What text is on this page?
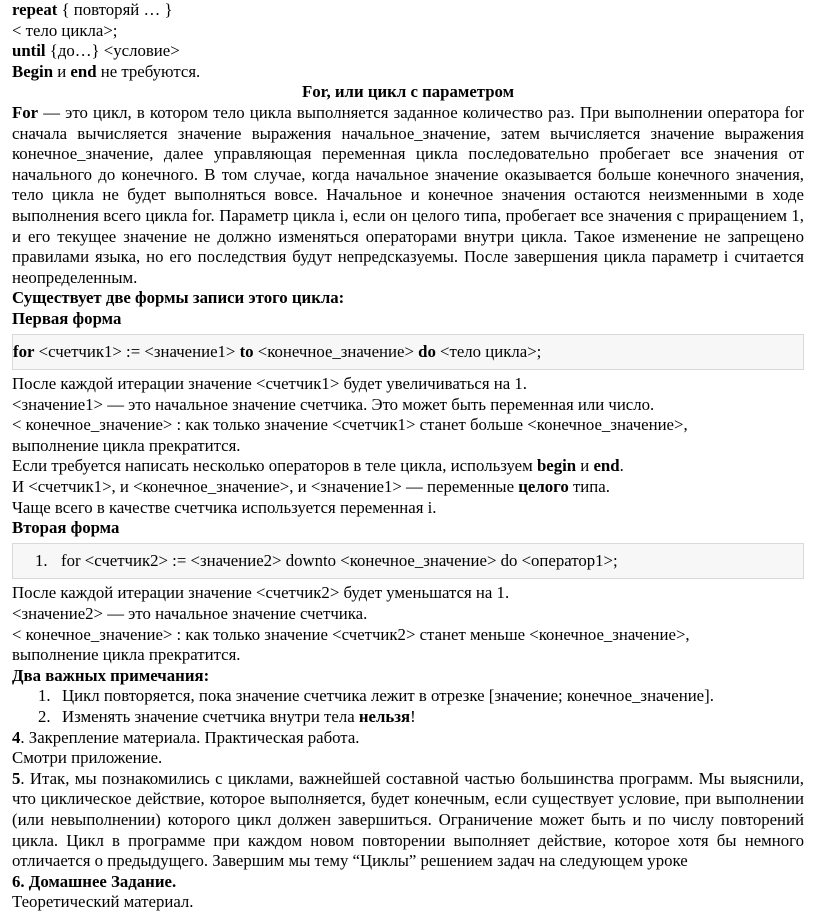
repeat { повторяй … }
< тело цикла>;
until {до…} <условие>
Begin и end не требуются.
For, или цикл с параметром
For — это цикл, в котором тело цикла выполняется заданное количество раз. При выполнении оператора for сначала вычисляется значение выражения начальное_значение, затем вычисляется значение выражения конечное_значение, далее управляющая переменная цикла последовательно пробегает все значения от начального до конечного. В том случае, когда начальное значение оказывается больше конечного значения, тело цикла не будет выполняться вовсе. Начальное и конечное значения остаются неизменными в ходе выполнения всего цикла for. Параметр цикла i, если он целого типа, пробегает все значения с приращением 1, и его текущее значение не должно изменяться операторами внутри цикла. Такое изменение не запрещено правилами языка, но его последствия будут непредсказуемы. После завершения цикла параметр i считается неопределенным.
Существует две формы записи этого цикла:
Первая форма
for <счетчик1> := <значение1> to <конечное_значение> do <тело цикла>;
После каждой итерации значение <счетчик1> будет увеличиваться на 1.
<значение1> — это начальное значение счетчика. Это может быть переменная или число.
< конечное_значение> : как только значение <счетчик1> станет больше <конечное_значение>,
выполнение цикла прекратится.
Если требуется написать несколько операторов в теле цикла, используем begin и end.
И <счетчик1>, и <конечное_значение>, и <значение1> — переменные целого типа.
Чаще всего в качестве счетчика используется переменная i.
Вторая форма
1. for <счетчик2> := <значение2> downto <конечное_значение> do <оператор1>;
После каждой итерации значение <счетчик2> будет уменьшатся на 1.
<значение2> — это начальное значение счетчика.
< конечное_значение> : как только значение <счетчик2> станет меньше <конечное_значение>,
выполнение цикла прекратится.
Два важных примечания:
1. Цикл повторяется, пока значение счетчика лежит в отрезке [значение; конечное_значение].
2. Изменять значение счетчика внутри тела нельзя!
4. Закрепление материала. Практическая работа.
Смотри приложение.
5. Итак, мы познакомились с циклами, важнейшей составной частью большинства программ. Мы выяснили, что циклическое действие, которое выполняется, будет конечным, если существует условие, при выполнении (или невыполнении) которого цикл должен завершиться. Ограничение может быть и по числу повторений цикла. Цикл в программе при каждом новом повторении выполняет действие, которое хотя бы немного отличается о предыдущего. Завершим мы тему “Циклы” решением задач на следующем уроке
6. Домашнее Задание.
Теоретический материал.
